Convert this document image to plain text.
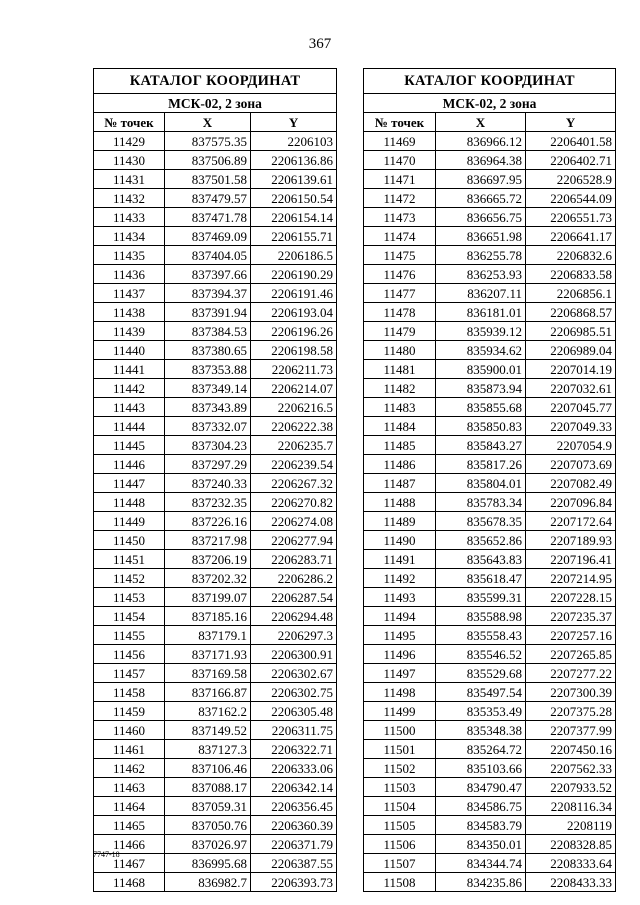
367
КАТАЛОГ КООРДИНАТ		
МСК-02, 2 зона		
№ точек	X	Y
11429	837575.35	2206103
11430	837506.89	2206136.86
11431	837501.58	2206139.61
11432	837479.57	2206150.54
11433	837471.78	2206154.14
11434	837469.09	2206155.71
11435	837404.05	2206186.5
11436	837397.66	2206190.29
11437	837394.37	2206191.46
11438	837391.94	2206193.04
11439	837384.53	2206196.26
11440	837380.65	2206198.58
11441	837353.88	2206211.73
11442	837349.14	2206214.07
11443	837343.89	2206216.5
11444	837332.07	2206222.38
11445	837304.23	2206235.7
11446	837297.29	2206239.54
11447	837240.33	2206267.32
11448	837232.35	2206270.82
11449	837226.16	2206274.08
11450	837217.98	2206277.94
11451	837206.19	2206283.71
11452	837202.32	2206286.2
11453	837199.07	2206287.54
11454	837185.16	2206294.48
11455	837179.1	2206297.3
11456	837171.93	2206300.91
11457	837169.58	2206302.67
11458	837166.87	2206302.75
11459	837162.2	2206305.48
11460	837149.52	2206311.75
11461	837127.3	2206322.71
11462	837106.46	2206333.06
11463	837088.17	2206342.14
11464	837059.31	2206356.45
11465	837050.76	2206360.39
11466	837026.97	2206371.79
11467	836995.68	2206387.55
11468	836982.7	2206393.73
КАТАЛОГ КООРДИНАТ		
МСК-02, 2 зона		
№ точек	X	Y
11469	836966.12	2206401.58
11470	836964.38	2206402.71
11471	836697.95	2206528.9
11472	836665.72	2206544.09
11473	836656.75	2206551.73
11474	836651.98	2206641.17
11475	836255.78	2206832.6
11476	836253.93	2206833.58
11477	836207.11	2206856.1
11478	836181.01	2206868.57
11479	835939.12	2206985.51
11480	835934.62	2206989.04
11481	835900.01	2207014.19
11482	835873.94	2207032.61
11483	835855.68	2207045.77
11484	835850.83	2207049.33
11485	835843.27	2207054.9
11486	835817.26	2207073.69
11487	835804.01	2207082.49
11488	835783.34	2207096.84
11489	835678.35	2207172.64
11490	835652.86	2207189.93
11491	835643.83	2207196.41
11492	835618.47	2207214.95
11493	835599.31	2207228.15
11494	835588.98	2207235.37
11495	835558.43	2207257.16
11496	835546.52	2207265.85
11497	835529.68	2207277.22
11498	835497.54	2207300.39
11499	835353.49	2207375.28
11500	835348.38	2207377.99
11501	835264.72	2207450.16
11502	835103.66	2207562.33
11503	834790.47	2207933.52
11504	834586.75	2208116.34
11505	834583.79	2208119
11506	834350.01	2208328.85
11507	834344.74	2208333.64
11508	834235.86	2208433.33
7747-18
